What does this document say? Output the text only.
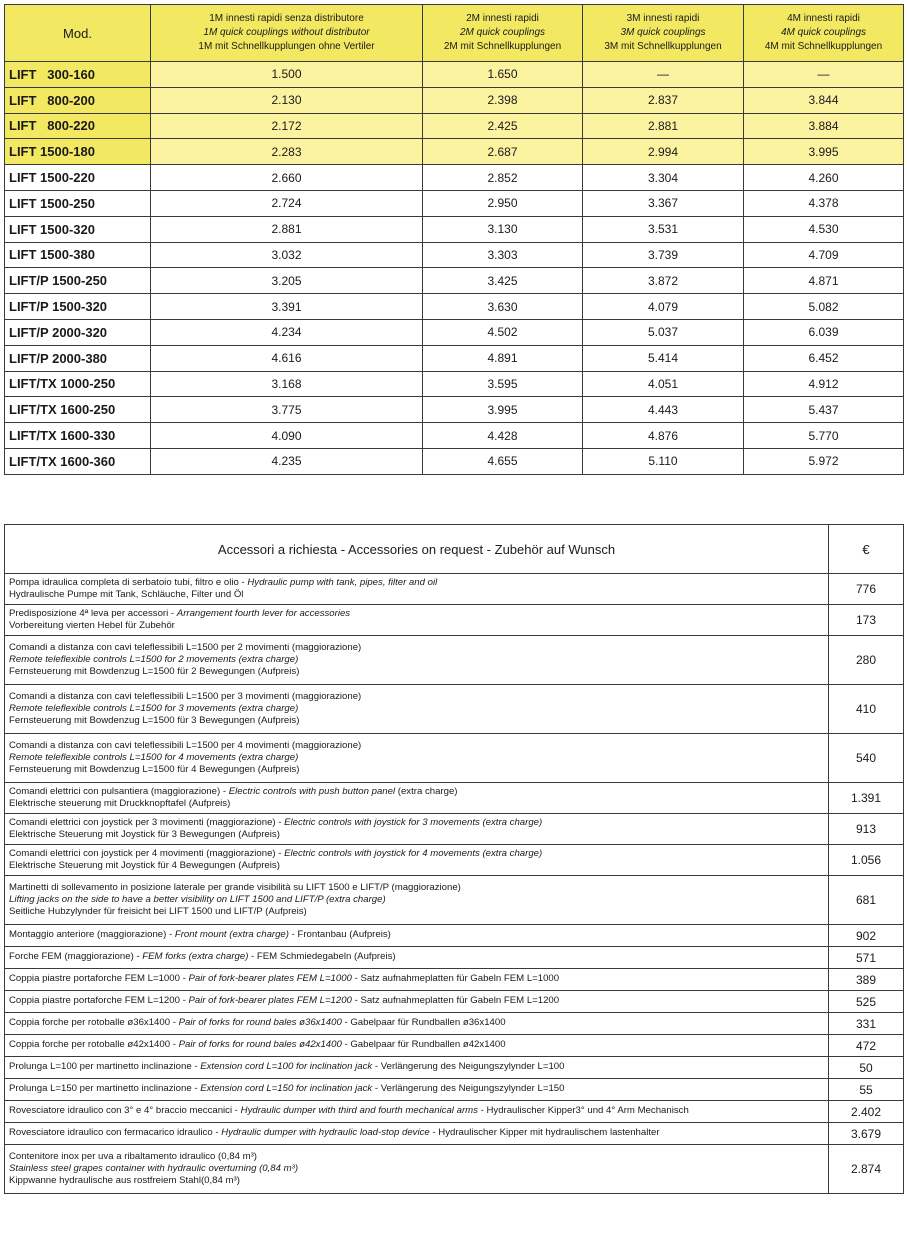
Mod.	1M innesti rapidi senza distributore
1M quick couplings without distributor
1M mit Schnellkupplungen ohne Vertiler	2M innesti rapidi
2M quick couplings
2M mit Schnellkupplungen	3M innesti rapidi
3M quick couplings
3M mit Schnellkupplungen	4M innesti rapidi
4M quick couplings
4M mit Schnellkupplungen

LIFT   300-160	1.500	1.650	—	—
LIFT   800-200	2.130	2.398	2.837	3.844
LIFT   800-220	2.172	2.425	2.881	3.884
LIFT 1500-180	2.283	2.687	2.994	3.995
LIFT 1500-220	2.660	2.852	3.304	4.260
LIFT 1500-250	2.724	2.950	3.367	4.378
LIFT 1500-320	2.881	3.130	3.531	4.530
LIFT 1500-380	3.032	3.303	3.739	4.709
LIFT/P 1500-250	3.205	3.425	3.872	4.871
LIFT/P 1500-320	3.391	3.630	4.079	5.082
LIFT/P 2000-320	4.234	4.502	5.037	6.039
LIFT/P 2000-380	4.616	4.891	5.414	6.452
LIFT/TX 1000-250	3.168	3.595	4.051	4.912
LIFT/TX 1600-250	3.775	3.995	4.443	5.437
LIFT/TX 1600-330	4.090	4.428	4.876	5.770
LIFT/TX 1600-360	4.235	4.655	5.110	5.972
Accessori a richiesta - Accessories on request - Zubehör auf Wunsch	€

Pompa idraulica completa di serbatoio tubi, filtro e olio - Hydraulic pump with tank, pipes, filter and oil
Hydraulische Pumpe mit Tank, Schläuche, Filter und Öl	776

Predisposizione 4ª leva per accessori - Arrangement fourth lever for accessories
Vorbereitung vierten Hebel für Zubehör	173

Comandi a distanza con cavi teleflessibili L=1500 per 2 movimenti (maggiorazione)
Remote teleflexible controls L=1500 for 2 movements (extra charge)
Fernsteuerung mit Bowdenzug L=1500 für 2 Bewegungen (Aufpreis)	280

Comandi a distanza con cavi teleflessibili L=1500 per 3 movimenti (maggiorazione)
Remote teleflexible controls L=1500 for 3 movements (extra charge)
Fernsteuerung mit Bowdenzug L=1500 für 3 Bewegungen (Aufpreis)	410

Comandi a distanza con cavi teleflessibili L=1500 per 4 movimenti (maggiorazione)
Remote teleflexible controls L=1500 for 4 movements (extra charge)
Fernsteuerung mit Bowdenzug L=1500 für 4 Bewegungen (Aufpreis)	540

Comandi elettrici con pulsantiera (maggiorazione) - Electric controls with push button panel (extra charge)
Elektrische steuerung mit Druckknopftafel (Aufpreis)	1.391

Comandi elettrici con joystick per 3 movimenti (maggiorazione) - Electric controls with joystick for 3 movements (extra charge)
Elektrische Steuerung mit Joystick für 3 Bewegungen (Aufpreis)	913

Comandi elettrici con joystick per 4 movimenti (maggiorazione) - Electric controls with joystick for 4 movements (extra charge)
Elektrische Steuerung mit Joystick für 4 Bewegungen (Aufpreis)	1.056

Martinetti di sollevamento in posizione laterale per grande visibilità su LIFT 1500 e LIFT/P (maggiorazione)
Lifting jacks on the side to have a better visibility on LIFT 1500 and LIFT/P (extra charge)
Seitliche Hubzylynder für freisicht bei LIFT 1500 und LIFT/P (Aufpreis)	681
Montaggio anteriore (maggiorazione) - Front mount (extra charge) - Frontanbau (Aufpreis)	902
Forche FEM (maggiorazione) - FEM forks (extra charge) - FEM Schmiedegabeln (Aufpreis)	571
Coppia piastre portaforche FEM L=1000 - Pair of fork-bearer plates FEM L=1000 - Satz aufnahmeplatten für Gabeln FEM L=1000	389
Coppia piastre portaforche FEM L=1200 - Pair of fork-bearer plates FEM L=1200 - Satz aufnahmeplatten für Gabeln FEM L=1200	525
Coppia forche per rotoballe ø36x1400 - Pair of forks for round bales ø36x1400 - Gabelpaar für Rundballen ø36x1400	331
Coppia forche per rotoballe ø42x1400 - Pair of forks for round bales ø42x1400 - Gabelpaar für Rundballen ø42x1400	472
Prolunga L=100 per martinetto inclinazione - Extension cord L=100 for inclination jack - Verlängerung des Neigungszylynder L=100	50
Prolunga L=150 per martinetto inclinazione - Extension cord L=150 for inclination jack - Verlängerung des Neigungszylynder L=150	55
Rovesciatore idraulico con 3° e 4° braccio meccanici - Hydraulic dumper with third and fourth mechanical arms - Hydraulischer Kipper3° und 4° Arm Mechanisch	2.402
Rovesciatore idraulico con fermacarico idraulico - Hydraulic dumper with hydraulic load-stop device - Hydraulischer Kipper mit hydraulischem lastenhalter	3.679

Contenitore inox per uva a ribaltamento idraulico (0,84 m³)
Stainless steel grapes container with hydraulic overturning (0,84 m³)
Kippwanne hydraulische aus rostfreiem Stahl(0,84 m³)	2.874
